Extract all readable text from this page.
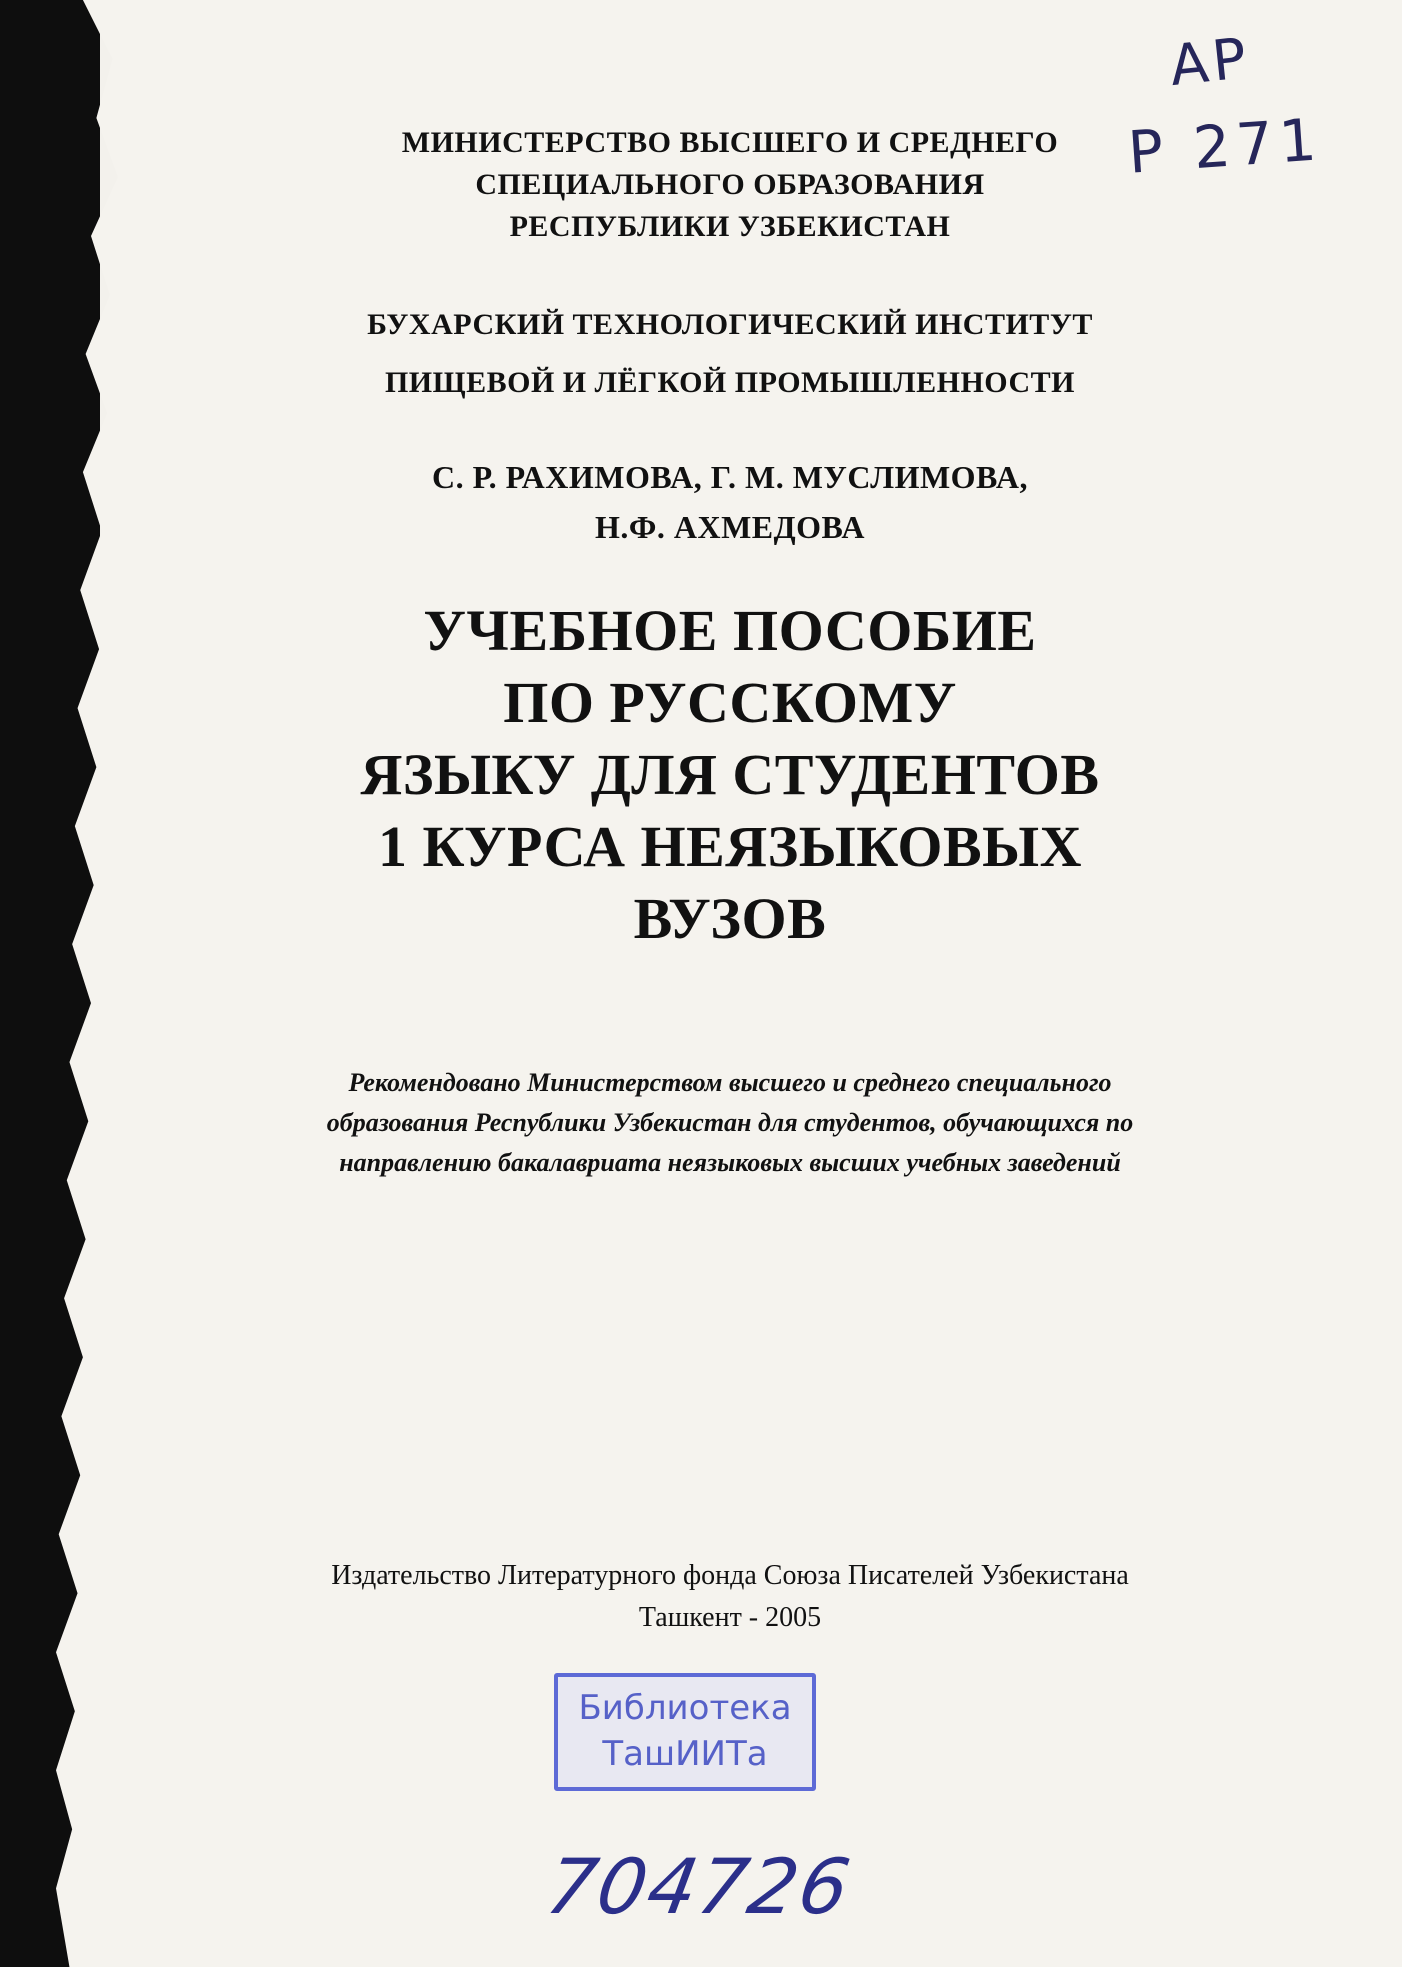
АР
Р 271
МИНИСТЕРСТВО ВЫСШЕГО И СРЕДНЕГО
СПЕЦИАЛЬНОГО ОБРАЗОВАНИЯ
РЕСПУБЛИКИ УЗБЕКИСТАН
БУХАРСКИЙ ТЕХНОЛОГИЧЕСКИЙ ИНСТИТУТ
ПИЩЕВОЙ И ЛЁГКОЙ ПРОМЫШЛЕННОСТИ
С. Р. РАХИМОВА, Г. М. МУСЛИМОВА,
Н.Ф. АХМЕДОВА
УЧЕБНОЕ ПОСОБИЕ
ПО РУССКОМУ
ЯЗЫКУ ДЛЯ СТУДЕНТОВ
1 КУРСА НЕЯЗЫКОВЫХ
ВУЗОВ
Рекомендовано Министерством высшего и среднего специального
образования Республики Узбекистан для студентов, обучающихся по
направлению бакалавриата неязыковых высших учебных заведений
Издательство Литературного фонда Союза Писателей Узбекистана
Ташкент - 2005
Библиотека
ТашИИТа
704726
